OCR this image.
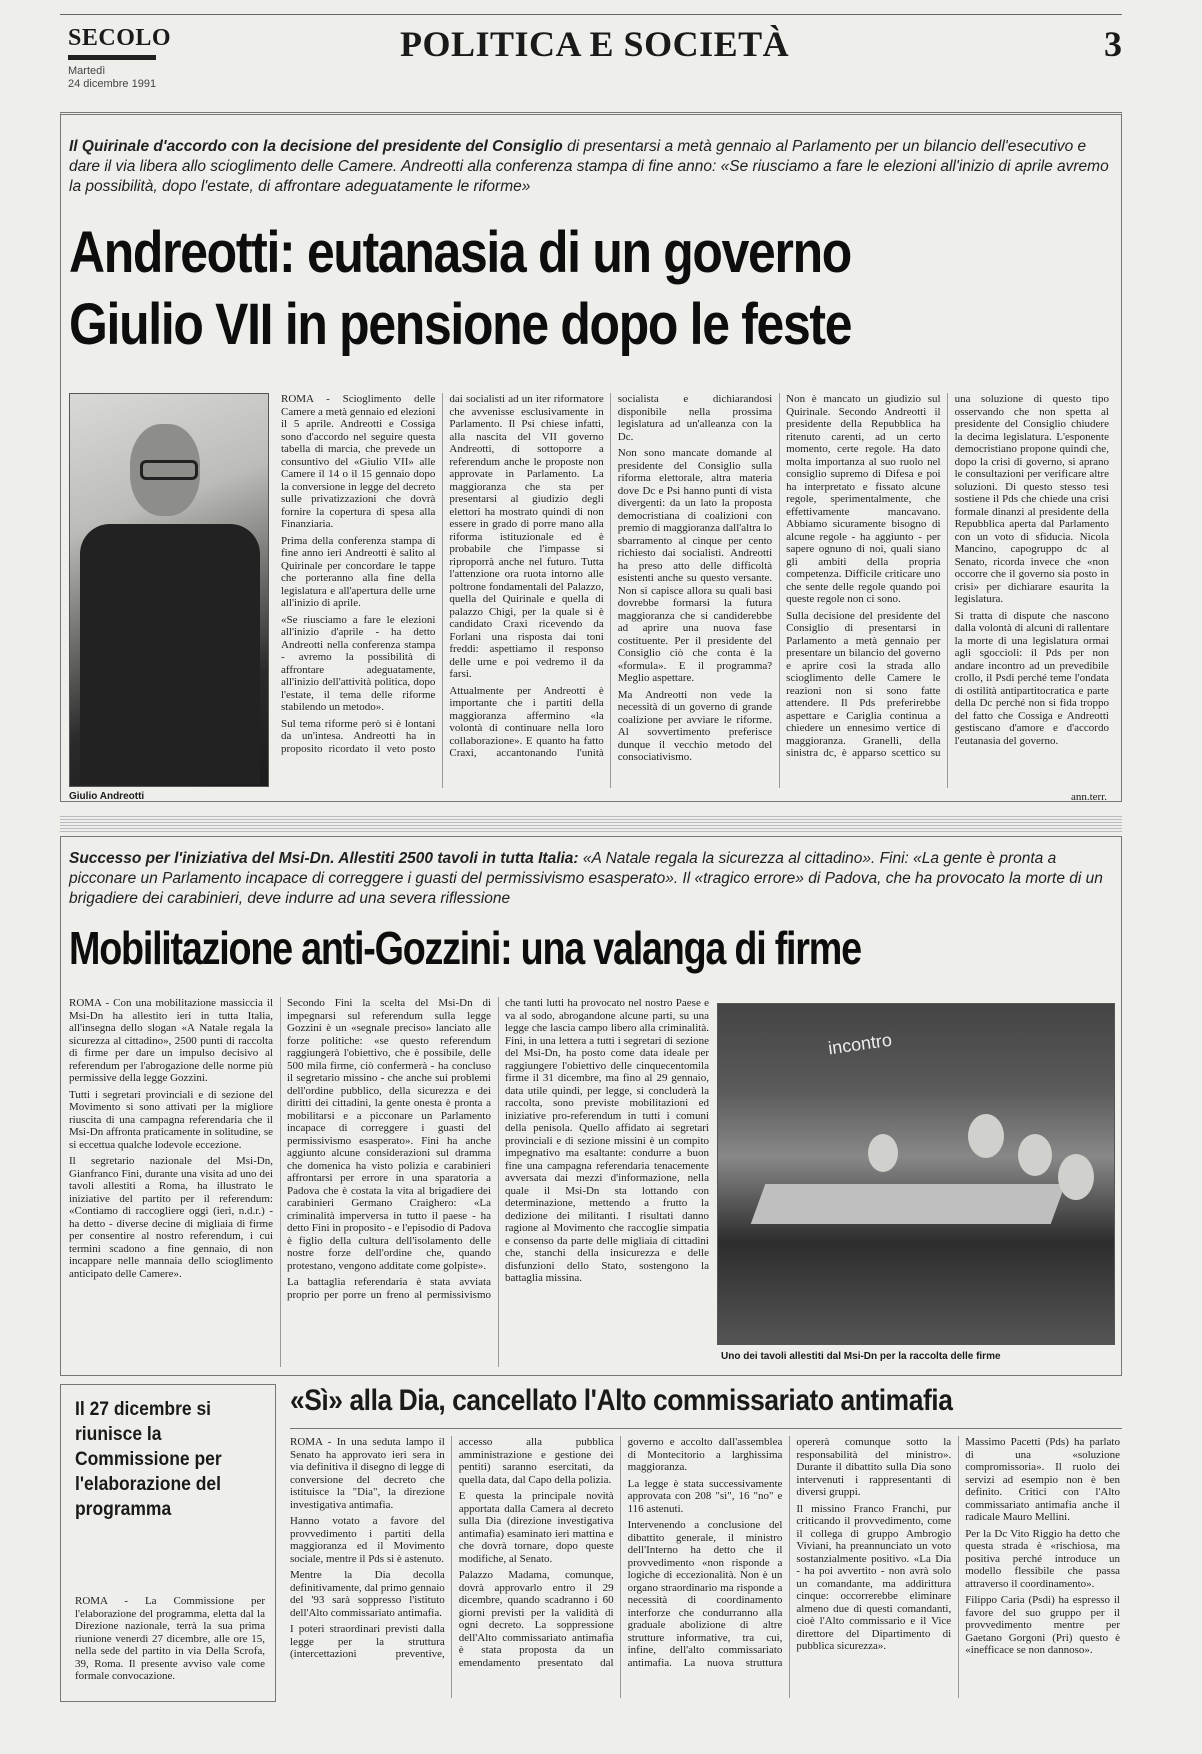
SECOLO
Martedì
24 dicembre 1991
POLITICA E SOCIETÀ	3
Il Quirinale d'accordo con la decisione del presidente del Consiglio di presentarsi a metà gennaio al Parlamento per un bilancio dell'esecutivo e dare il via libera allo scioglimento delle Camere. Andreotti alla conferenza stampa di fine anno: «Se riusciamo a fare le elezioni all'inizio di aprile avremo la possibilità, dopo l'estate, di affrontare adeguatamente le riforme»
Andreotti: eutanasia di un governo
Giulio VII in pensione dopo le feste
Giulio Andreotti

ROMA - Scioglimento delle Camere a metà gennaio ed elezioni il 5 aprile. Andreotti e Cossiga sono d'accordo nel seguire questa tabella di marcia, che prevede un consuntivo del «Giulio VII» alle Camere il 14 o il 15 gennaio dopo la conversione in legge del decreto sulle privatizzazioni che dovrà fornire la copertura di spesa alla Finanziaria.

Prima della conferenza stampa di fine anno ieri Andreotti è salito al Quirinale per concordare le tappe che porteranno alla fine della legislatura e all'apertura delle urne all'inizio di aprile.

«Se riusciamo a fare le elezioni all'inizio d'aprile - ha detto Andreotti nella conferenza stampa - avremo la possibilità di affrontare adeguatamente, all'inizio dell'attività politica, dopo l'estate, il tema delle riforme stabilendo un metodo».

Sul tema riforme però si è lontani da un'intesa. Andreotti ha in proposito ricordato il veto posto dai socialisti ad un iter riformatore che avvenisse esclusivamente in Parlamento. Il Psi chiese infatti, alla nascita del VII governo Andreotti, di sottoporre a referendum anche le proposte non approvate in Parlamento. La maggioranza che sta per presentarsi al giudizio degli elettori ha mostrato quindi di non essere in grado di porre mano alla riforma istituzionale ed è probabile che l'impasse si riproporrà anche nel futuro. Tutta l'attenzione ora ruota intorno alle poltrone fondamentali del Palazzo, quella del Quirinale e quella di palazzo Chigi, per la quale si è candidato Craxi ricevendo da Forlani una risposta dai toni freddi: aspettiamo il responso delle urne e poi vedremo il da farsi.

Attualmente per Andreotti è importante che i partiti della maggioranza affermino «la volontà di continuare nella loro collaborazione». E quanto ha fatto Craxi, accantonando l'unità socialista e dichiarandosi disponibile nella prossima legislatura ad un'alleanza con la Dc.

Non sono mancate domande al presidente del Consiglio sulla riforma elettorale, altra materia dove Dc e Psi hanno punti di vista divergenti: da un lato la proposta democristiana di coalizioni con premio di maggioranza dall'altra lo sbarramento al cinque per cento richiesto dai socialisti. Andreotti ha preso atto delle difficoltà esistenti anche su questo versante. Non si capisce allora su quali basi dovrebbe formarsi la futura maggioranza che si candiderebbe ad aprire una nuova fase costituente. Per il presidente del Consiglio ciò che conta è la «formula». E il programma? Meglio aspettare.

Ma Andreotti non vede la necessità di un governo di grande coalizione per avviare le riforme. Al sovvertimento preferisce dunque il vecchio metodo del consociativismo.

Non è mancato un giudizio sul Quirinale. Secondo Andreotti il presidente della Repubblica ha ritenuto carenti, ad un certo momento, certe regole. Ha dato molta importanza al suo ruolo nel consiglio supremo di Difesa e poi ha interpretato e fissato alcune regole, sperimentalmente, che effettivamente mancavano. Abbiamo sicuramente bisogno di alcune regole - ha aggiunto - per sapere ognuno di noi, quali siano gli ambiti della propria competenza. Difficile criticare uno che sente delle regole quando poi queste regole non ci sono.

Sulla decisione del presidente del Consiglio di presentarsi in Parlamento a metà gennaio per presentare un bilancio del governo e aprire così la strada allo scioglimento delle Camere le reazioni non si sono fatte attendere. Il Pds preferirebbe aspettare e Cariglia continua a chiedere un ennesimo vertice di maggioranza. Granelli, della sinistra dc, è apparso scettico su una soluzione di questo tipo osservando che non spetta al presidente del Consiglio chiudere la decima legislatura. L'esponente democristiano propone quindi che, dopo la crisi di governo, si aprano le consultazioni per verificare altre soluzioni. Di questo stesso tesi sostiene il Pds che chiede una crisi formale dinanzi al presidente della Repubblica aperta dal Parlamento con un voto di sfiducia. Nicola Mancino, capogruppo dc al Senato, ricorda invece che «non occorre che il governo sia posto in crisi» per dichiarare esaurita la legislatura.

Si tratta di dispute che nascono dalla volontà di alcuni di rallentare la morte di una legislatura ormai agli sgoccioli: il Pds per non andare incontro ad un prevedibile crollo, il Psdi perché teme l'ondata di ostilità antipartitocratica e parte della Dc perché non si fida troppo del fatto che Cossiga e Andreotti gestiscano d'amore e d'accordo l'eutanasia del governo.

ann.terr.
Successo per l'iniziativa del Msi-Dn. Allestiti 2500 tavoli in tutta Italia: «A Natale regala la sicurezza al cittadino». Fini: «La gente è pronta a picconare un Parlamento incapace di correggere i guasti del permissivismo esasperato». Il «tragico errore» di Padova, che ha provocato la morte di un brigadiere dei carabinieri, deve indurre ad una severa riflessione
Mobilitazione anti-Gozzini: una valanga di firme

ROMA - Con una mobilitazione massiccia il Msi-Dn ha allestito ieri in tutta Italia, all'insegna dello slogan «A Natale regala la sicurezza al cittadino», 2500 punti di raccolta di firme per dare un impulso decisivo al referendum per l'abrogazione delle norme più permissive della legge Gozzini.

Tutti i segretari provinciali e di sezione del Movimento si sono attivati per la migliore riuscita di una campagna referendaria che il Msi-Dn affronta praticamente in solitudine, se si eccettua qualche lodevole eccezione.

Il segretario nazionale del Msi-Dn, Gianfranco Fini, durante una visita ad uno dei tavoli allestiti a Roma, ha illustrato le iniziative del partito per il referendum: «Contiamo di raccogliere oggi (ieri, n.d.r.) - ha detto - diverse decine di migliaia di firme per consentire al nostro referendum, i cui termini scadono a fine gennaio, di non incappare nelle mannaia dello scioglimento anticipato delle Camere».

Secondo Fini la scelta del Msi-Dn di impegnarsi sul referendum sulla legge Gozzini è un «segnale preciso» lanciato alle forze politiche: «se questo referendum raggiungerà l'obiettivo, che è possibile, delle 500 mila firme, ciò confermerà - ha concluso il segretario missino - che anche sui problemi dell'ordine pubblico, della sicurezza e dei diritti dei cittadini, la gente onesta è pronta a mobilitarsi e a picconare un Parlamento incapace di correggere i guasti del permissivismo esasperato». Fini ha anche aggiunto alcune considerazioni sul dramma che domenica ha visto polizia e carabinieri affrontarsi per errore in una sparatoria a Padova che è costata la vita al brigadiere dei carabinieri Germano Craighero: «La criminalità imperversa in tutto il paese - ha detto Fini in proposito - e l'episodio di Padova è figlio della cultura dell'isolamento delle nostre forze dell'ordine che, quando protestano, vengono additate come golpiste».

La battaglia referendaria è stata avviata proprio per porre un freno al permissivismo che tanti lutti ha provocato nel nostro Paese e va al sodo, abrogandone alcune parti, su una legge che lascia campo libero alla criminalità. Fini, in una lettera a tutti i segretari di sezione del Msi-Dn, ha posto come data ideale per raggiungere l'obiettivo delle cinquecentomila firme il 31 dicembre, ma fino al 29 gennaio, data utile quindi, per legge, si concluderà la raccolta, sono previste mobilitazioni ed iniziative pro-referendum in tutti i comuni della penisola. Quello affidato ai segretari provinciali e di sezione missini è un compito impegnativo ma esaltante: condurre a buon fine una campagna referendaria tenacemente avversata dai mezzi d'informazione, nella quale il Msi-Dn sta lottando con determinazione, mettendo a frutto la dedizione dei militanti. I risultati danno ragione al Movimento che raccoglie simpatia e consenso da parte delle migliaia di cittadini che, stanchi della insicurezza e delle disfunzioni dello Stato, sostengono la battaglia missina.

incontro
Uno dei tavoli allestiti dal Msi-Dn per la raccolta delle firme
Il 27 dicembre si riunisce la Commissione per l'elaborazione del programma
ROMA - La Commissione per l'elaborazione del programma, eletta dal la Direzione nazionale, terrà la sua prima riunione venerdì 27 dicembre, alle ore 15, nella sede del partito in via Della Scrofa, 39, Roma. Il presente avviso vale come formale convocazione.
«Sì» alla Dia, cancellato l'Alto commissariato antimafia

ROMA - In una seduta lampo il Senato ha approvato ieri sera in via definitiva il disegno di legge di conversione del decreto che istituisce la "Dia", la direzione investigativa antimafia.

Hanno votato a favore del provvedimento i partiti della maggioranza ed il Movimento sociale, mentre il Pds si è astenuto.

Mentre la Dia decolla definitivamente, dal primo gennaio del '93 sarà soppresso l'istituto dell'Alto commissariato antimafia.

I poteri straordinari previsti dalla legge per la struttura (intercettazioni preventive, accesso alla pubblica amministrazione e gestione dei pentiti) saranno esercitati, da quella data, dal Capo della polizia.

E questa la principale novità apportata dalla Camera al decreto sulla Dia (direzione investigativa antimafia) esaminato ieri mattina e che dovrà tornare, dopo queste modifiche, al Senato.

Palazzo Madama, comunque, dovrà approvarlo entro il 29 dicembre, quando scadranno i 60 giorni previsti per la validità di ogni decreto. La soppressione dell'Alto commissariato antimafia è stata proposta da un emendamento presentato dal governo e accolto dall'assemblea di Montecitorio a larghissima maggioranza.

La legge è stata successivamente approvata con 208 "sì", 16 "no" e 116 astenuti.

Intervenendo a conclusione del dibattito generale, il ministro dell'Interno ha detto che il provvedimento «non risponde a logiche di eccezionalità. Non è un organo straordinario ma risponde a necessità di coordinamento interforze che condurranno alla graduale abolizione di altre strutture informative, tra cui, infine, dell'alto commissariato antimafia. La nuova struttura opererà comunque sotto la responsabilità del ministro». Durante il dibattito sulla Dia sono intervenuti i rappresentanti di diversi gruppi.

Il missino Franco Franchi, pur criticando il provvedimento, come il collega di gruppo Ambrogio Viviani, ha preannunciato un voto sostanzialmente positivo. «La Dia - ha poi avvertito - non avrà solo un comandante, ma addirittura cinque: occorrerebbe eliminare almeno due di questi comandanti, cioè l'Alto commissario e il Vice direttore del Dipartimento di pubblica sicurezza».

Massimo Pacetti (Pds) ha parlato di una «soluzione compromissoria». Il ruolo dei servizi ad esempio non è ben definito. Critici con l'Alto commissariato antimafia anche il radicale Mauro Mellini.

Per la Dc Vito Riggio ha detto che questa strada è «rischiosa, ma positiva perché introduce un modello flessibile che passa attraverso il coordinamento».

Filippo Caria (Psdi) ha espresso il favore del suo gruppo per il provvedimento mentre per Gaetano Gorgoni (Pri) questo è «inefficace se non dannoso».
